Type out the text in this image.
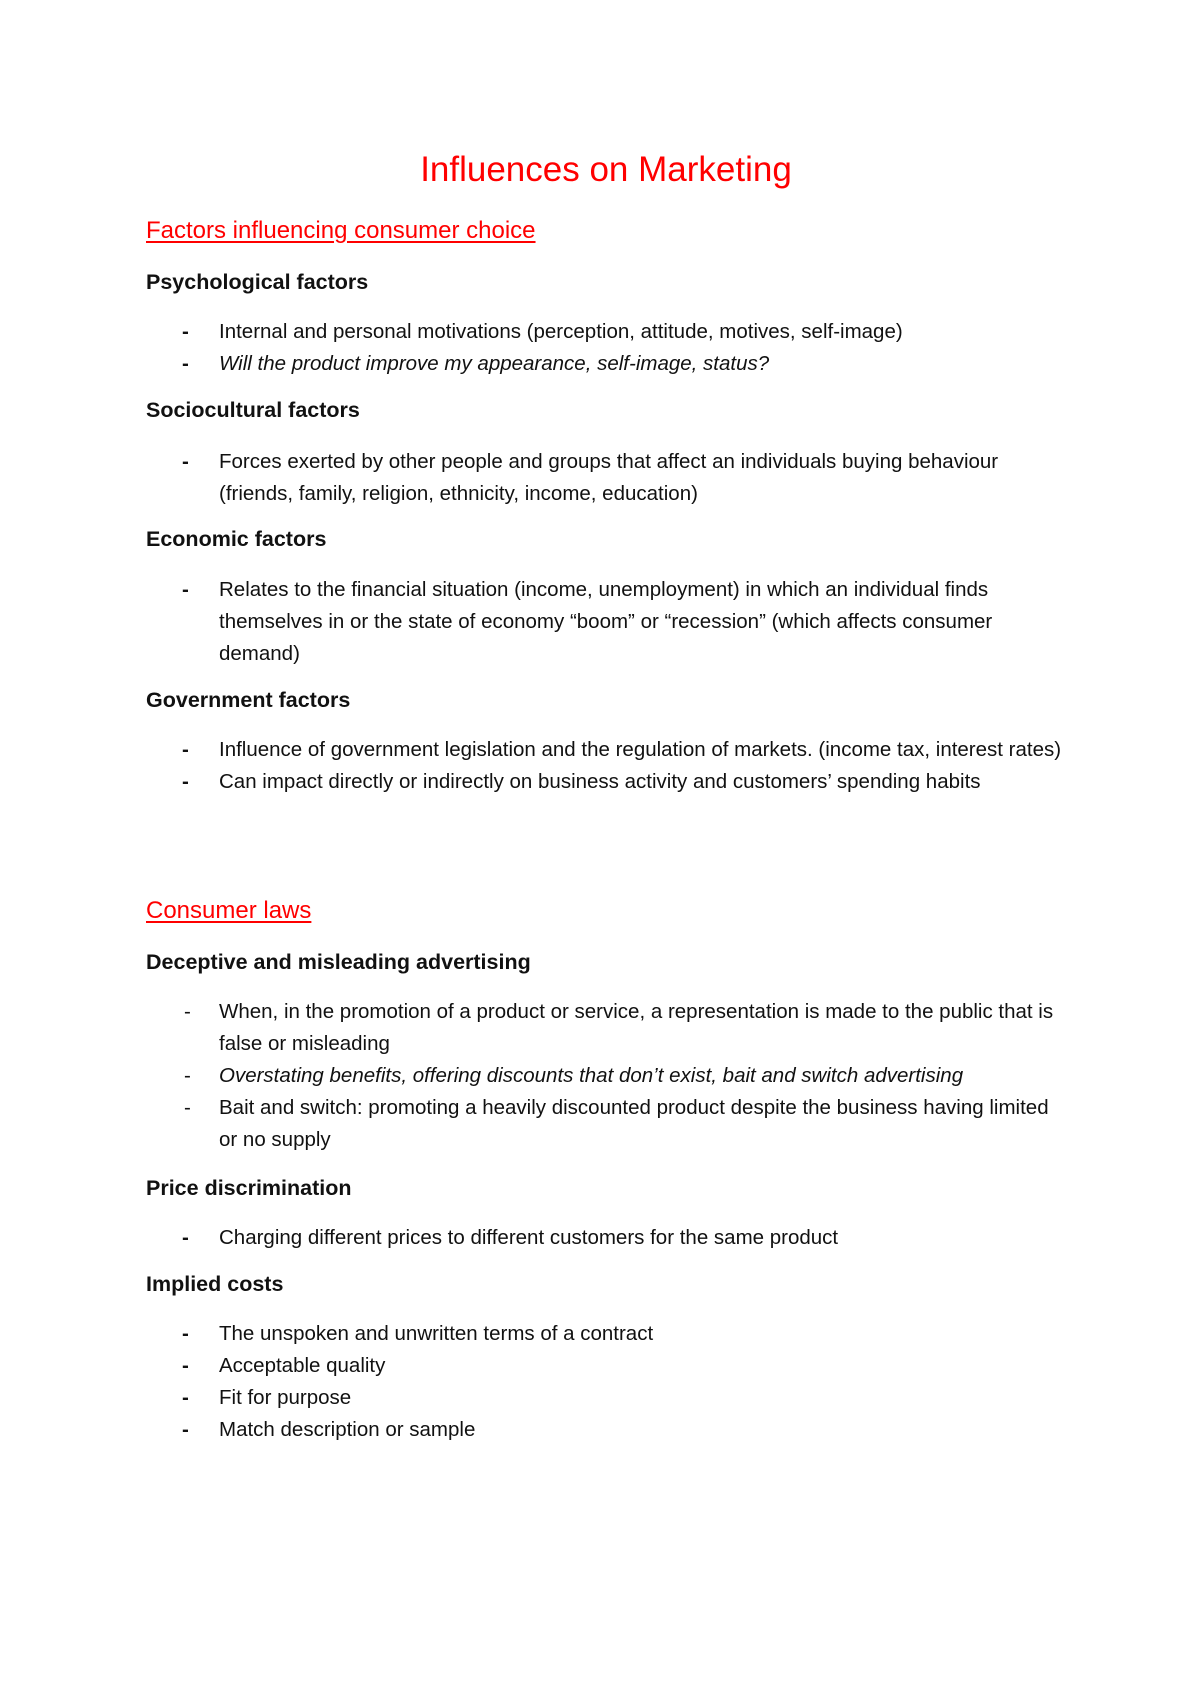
Influences on Marketing
Factors influencing consumer choice
Psychological factors
- Internal and personal motivations (perception, attitude, motives, self-image)
- Will the product improve my appearance, self-image, status?
Sociocultural factors
- Forces exerted by other people and groups that affect an individuals buying behaviour (friends, family, religion, ethnicity, income, education)
Economic factors
- Relates to the financial situation (income, unemployment) in which an individual finds themselves in or the state of economy “boom” or “recession” (which affects consumer demand)
Government factors
- Influence of government legislation and the regulation of markets. (income tax, interest rates)
- Can impact directly or indirectly on business activity and customers’ spending habits
Consumer laws
Deceptive and misleading advertising
- When, in the promotion of a product or service, a representation is made to the public that is false or misleading
- Overstating benefits, offering discounts that don’t exist, bait and switch advertising
- Bait and switch: promoting a heavily discounted product despite the business having limited or no supply
Price discrimination
- Charging different prices to different customers for the same product
Implied costs
- The unspoken and unwritten terms of a contract
- Acceptable quality
- Fit for purpose
- Match description or sample
